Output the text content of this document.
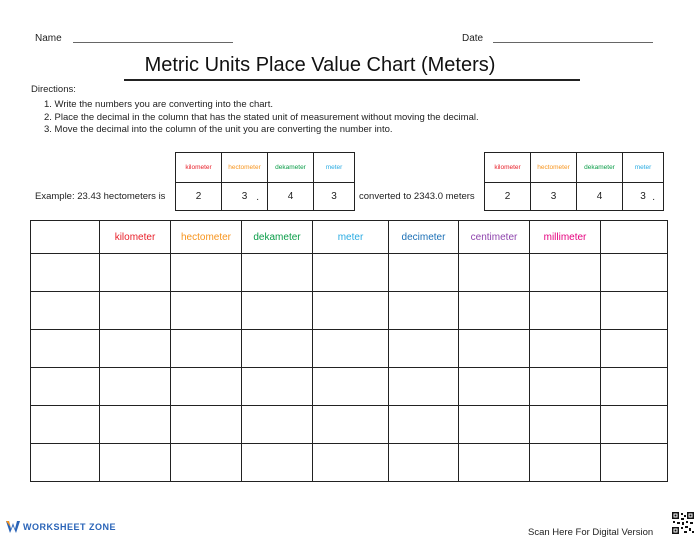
Name	Date
Metric Units Place Value Chart (Meters)
Directions:
1. Write the numbers you are converting into the chart.
2. Place the decimal in the column that has the stated unit of measurement without moving the decimal.
3. Move the decimal into the column of the unit you are converting the number into.
kilometer	hectometer	dekameter	meter
2	3 .	4	3
Example: 23.43 hectometers is	converted to 2343.0 meters
kilometer	hectometer	dekameter	meter
2	3	4	3 .
	kilometer	hectometer	dekameter	meter	decimeter	centimeter	millimeter	

WORKSHEET ZONE	Scan Here For Digital Version
